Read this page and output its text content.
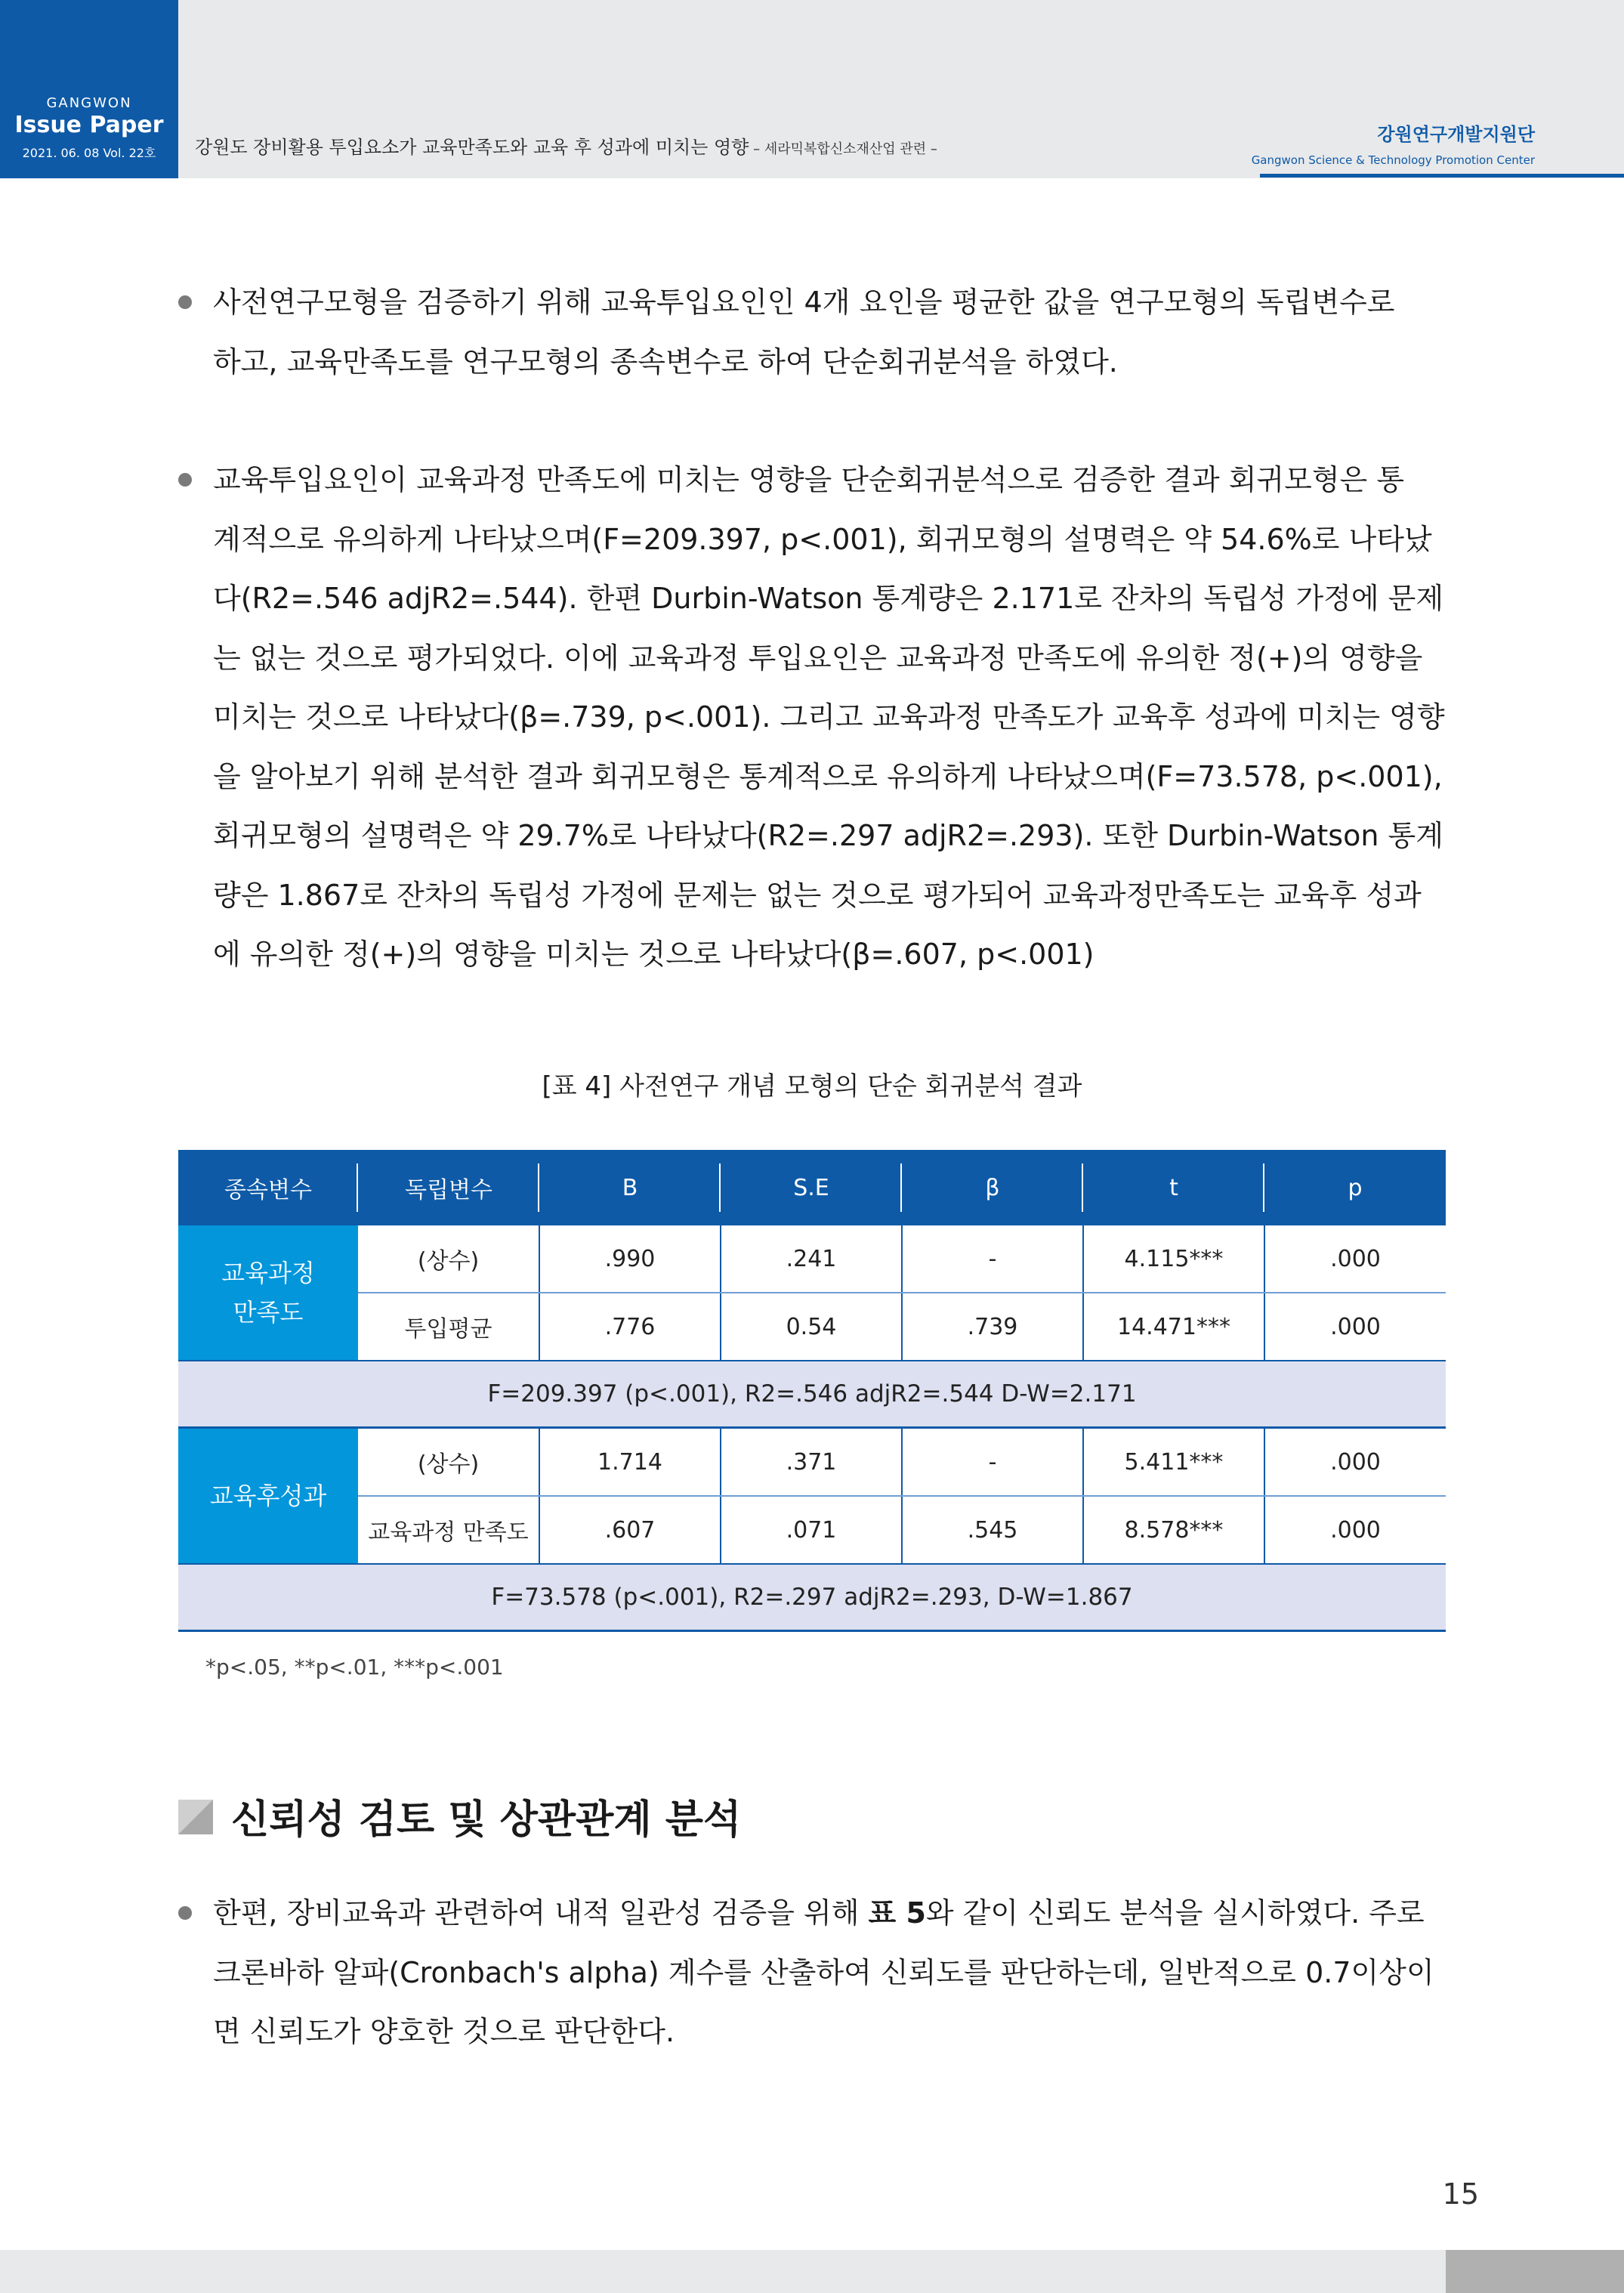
GANGWON
Issue Paper
2021. 06. 08 Vol. 22호	강원도 장비활용 투입요소가 교육만족도와 교육 후 성과에 미치는 영향 – 세라믹복합신소재산업 관련 –
강원연구개발지원단
Gangwon Science & Technology Promotion Center
사전연구모형을 검증하기 위해 교육투입요인인 4개 요인을 평균한 값을 연구모형의 독립변수로
하고, 교육만족도를 연구모형의 종속변수로 하여 단순회귀분석을 하였다.
교육투입요인이 교육과정 만족도에 미치는 영향을 단순회귀분석으로 검증한 결과 회귀모형은 통
계적으로 유의하게 나타났으며(F=209.397, p<.001), 회귀모형의 설명력은 약 54.6%로 나타났
다(R2=.546 adjR2=.544). 한편 Durbin-Watson 통계량은 2.171로 잔차의 독립성 가정에 문제
는 없는 것으로 평가되었다. 이에 교육과정 투입요인은 교육과정 만족도에 유의한 정(+)의 영향을
미치는 것으로 나타났다(β=.739, p<.001). 그리고 교육과정 만족도가 교육후 성과에 미치는 영향
을 알아보기 위해 분석한 결과 회귀모형은 통계적으로 유의하게 나타났으며(F=73.578, p<.001),
회귀모형의 설명력은 약 29.7%로 나타났다(R2=.297 adjR2=.293). 또한 Durbin-Watson 통계
량은 1.867로 잔차의 독립성 가정에 문제는 없는 것으로 평가되어 교육과정만족도는 교육후 성과
에 유의한 정(+)의 영향을 미치는 것으로 나타났다(β=.607, p<.001)
[표 4] 사전연구 개념 모형의 단순 회귀분석 결과
종속변수	독립변수	B	S.E	β	t	p
교육과정
만족도	(상수)	.990	.241	-	4.115***	.000
	투입평균	.776	0.54	.739	14.471***	.000
F=209.397 (p<.001), R2=.546 adjR2=.544 D-W=2.171						
교육후성과	(상수)	1.714	.371	-	5.411***	.000
	교육과정 만족도	.607	.071	.545	8.578***	.000
F=73.578 (p<.001), R2=.297 adjR2=.293, D-W=1.867						
*p<.05, **p<.01, ***p<.001
신뢰성 검토 및 상관관계 분석
한편, 장비교육과 관련하여 내적 일관성 검증을 위해 표 5와 같이 신뢰도 분석을 실시하였다. 주로
크론바하 알파(Cronbach's alpha) 계수를 산출하여 신뢰도를 판단하는데, 일반적으로 0.7이상이
면 신뢰도가 양호한 것으로 판단한다.
15
